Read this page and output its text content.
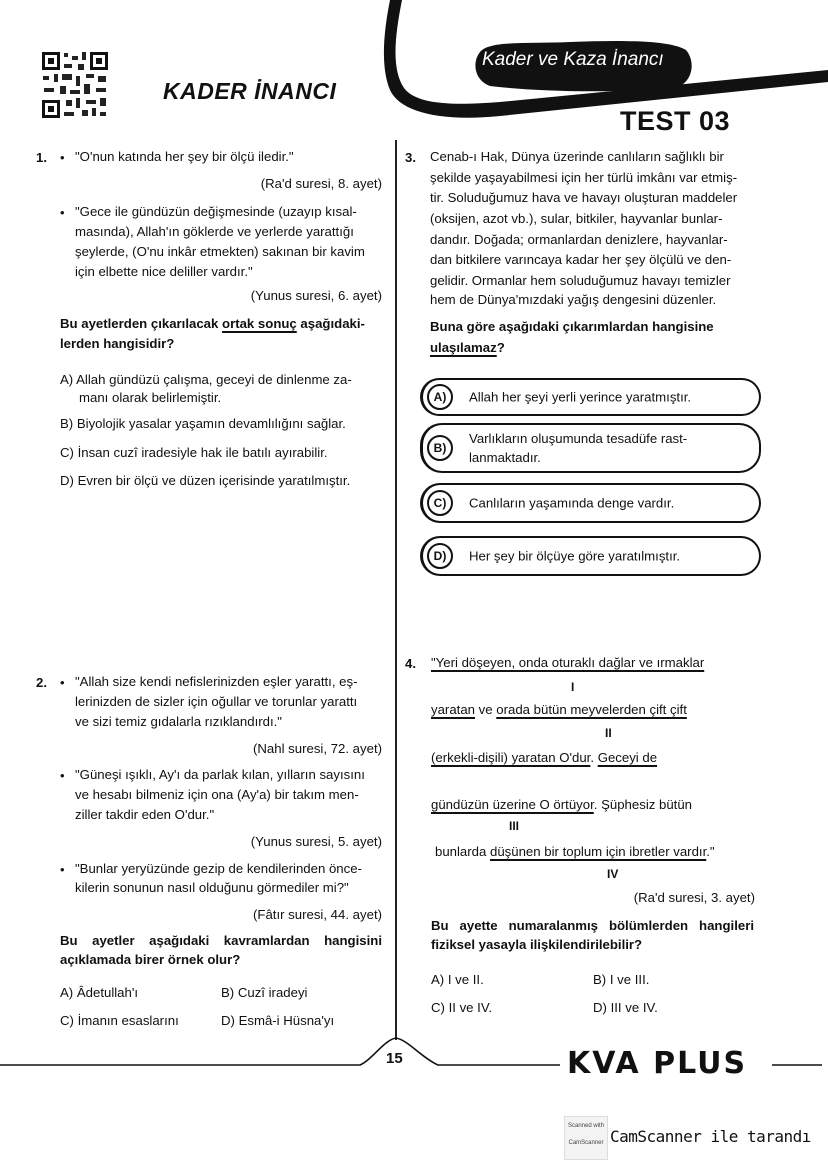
KADER İNANCI
Kader ve Kaza İnancı
TEST 03
1. • "O'nun katında her şey bir ölçü iledir."
(Ra'd suresi, 8. ayet)
• "Gece ile gündüzün değişmesinde (uzayıp kısal-
masında), Allah'ın göklerde ve yerlerde yarattığı
şeylerde, (O'nu inkâr etmekten) sakınan bir kavim
için elbette nice deliller vardır."
(Yunus suresi, 6. ayet)
Bu ayetlerden çıkarılacak ortak sonuç aşağıdaki-
lerden hangisidir?
A) Allah gündüzü çalışma, geceyi de dinlenme za-
manı olarak belirlemiştir.
B) Biyolojik yasalar yaşamın devamlılığını sağlar.
C) İnsan cuzî iradesiyle hak ile batılı ayırabilir.
D) Evren bir ölçü ve düzen içerisinde yaratılmıştır.
3. Cenab-ı Hak, Dünya üzerinde canlıların sağlıklı bir
şekilde yaşayabilmesi için her türlü imkânı var etmiş-
tir. Soluduğumuz hava ve havayı oluşturan maddeler
(oksijen, azot vb.), sular, bitkiler, hayvanlar bunlar-
dandır. Doğada; ormanlardan denizlere, hayvanlar-
dan bitkilere varıncaya kadar her şey ölçülü ve den-
gelidir. Ormanlar hem soluduğumuz havayı temizler
hem de Dünya'mızdaki yağış dengesini düzenler.
Buna göre aşağıdaki çıkarımlardan hangisine
ulaşılamaz?
A)	Allah her şeyi yerli yerince yaratmıştır.
B)
Varlıkların oluşumunda tesadüfe rast-lanmaktadır.
C)	Canlıların yaşamında denge vardır.
D)	Her şey bir ölçüye göre yaratılmıştır.
2. • "Allah size kendi nefislerinizden eşler yarattı, eş-
lerinizden de sizler için oğullar ve torunlar yarattı
ve sizi temiz gıdalarla rızıklandırdı."
(Nahl suresi, 72. ayet)
• "Güneşi ışıklı, Ay'ı da parlak kılan, yılların sayısını
ve hesabı bilmeniz için ona (Ay'a) bir takım men-
ziller takdir eden O'dur."
(Yunus suresi, 5. ayet)
• "Bunlar yeryüzünde gezip de kendilerinden önce-
kilerin sonunun nasıl olduğunu görmediler mi?"
(Fâtır suresi, 44. ayet)
Bu ayetler aşağıdaki kavramlardan hangisini
açıklamada birer örnek olur?
A) Âdetullah'ı	B) Cuzî iradeyi
C) İmanın esaslarını	D) Esmâ-i Hüsna'yı
4. "Yeri döşeyen, onda oturaklı dağlar ve ırmaklar
I
yaratan ve orada bütün meyvelerden çift çift
II
(erkekli-dişili) yaratan O'dur. Geceyi de
gündüzün üzerine O örtüyor. Şüphesiz bütün
III
bunlarda düşünen bir toplum için ibretler vardır."
IV
(Ra'd suresi, 3. ayet)
Bu ayette numaralanmış bölümlerden hangileri
fiziksel yasayla ilişkilendirilebilir?
A) I ve II.	B) I ve III.
C) II ve IV.	D) III ve IV.
15	KVA PLUS
Scanned with
CamScanner CamScanner ile tarandı
